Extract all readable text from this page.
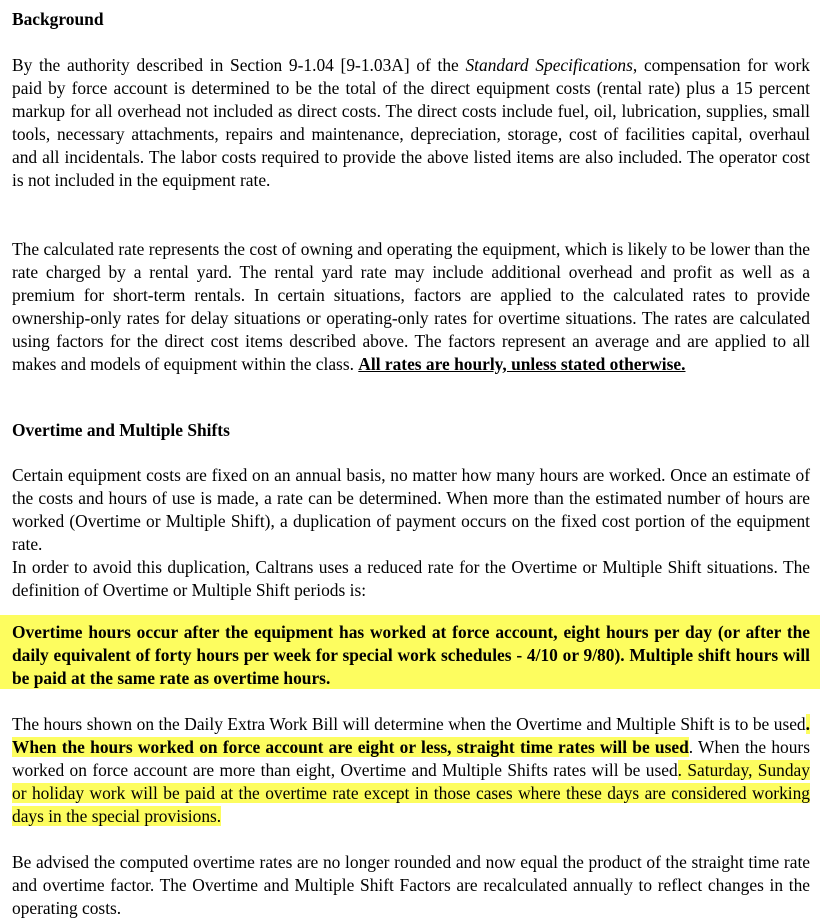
Background

By the authority described in Section 9-1.04 [9-1.03A] of the Standard Specifications, compensation for work paid by force account is determined to be the total of the direct equipment costs (rental rate) plus a 15 percent markup for all overhead not included as direct costs. The direct costs include fuel, oil, lubrication, supplies, small tools, necessary attachments, repairs and maintenance, depreciation, storage, cost of facilities capital, overhaul and all incidentals. The labor costs required to provide the above listed items are also included. The operator cost is not included in the equipment rate.

The calculated rate represents the cost of owning and operating the equipment, which is likely to be lower than the rate charged by a rental yard. The rental yard rate may include additional overhead and profit as well as a premium for short-term rentals. In certain situations, factors are applied to the calculated rates to provide ownership-only rates for delay situations or operating-only rates for overtime situations. The rates are calculated using factors for the direct cost items described above. The factors represent an average and are applied to all makes and models of equipment within the class. All rates are hourly, unless stated otherwise.

Overtime and Multiple Shifts

Certain equipment costs are fixed on an annual basis, no matter how many hours are worked. Once an estimate of the costs and hours of use is made, a rate can be determined. When more than the estimated number of hours are worked (Overtime or Multiple Shift), a duplication of payment occurs on the fixed cost portion of the equipment rate.

In order to avoid this duplication, Caltrans uses a reduced rate for the Overtime or Multiple Shift situations. The definition of Overtime or Multiple Shift periods is:

Overtime hours occur after the equipment has worked at force account, eight hours per day (or after the daily equivalent of forty hours per week for special work schedules - 4/10 or 9/80). Multiple shift hours will be paid at the same rate as overtime hours.

The hours shown on the Daily Extra Work Bill will determine when the Overtime and Multiple Shift is to be used. When the hours worked on force account are eight or less, straight time rates will be used. When the hours worked on force account are more than eight, Overtime and Multiple Shifts rates will be used. Saturday, Sunday or holiday work will be paid at the overtime rate except in those cases where these days are considered working days in the special provisions.

Be advised the computed overtime rates are no longer rounded and now equal the product of the straight time rate and overtime factor. The Overtime and Multiple Shift Factors are recalculated annually to reflect changes in the operating costs.
